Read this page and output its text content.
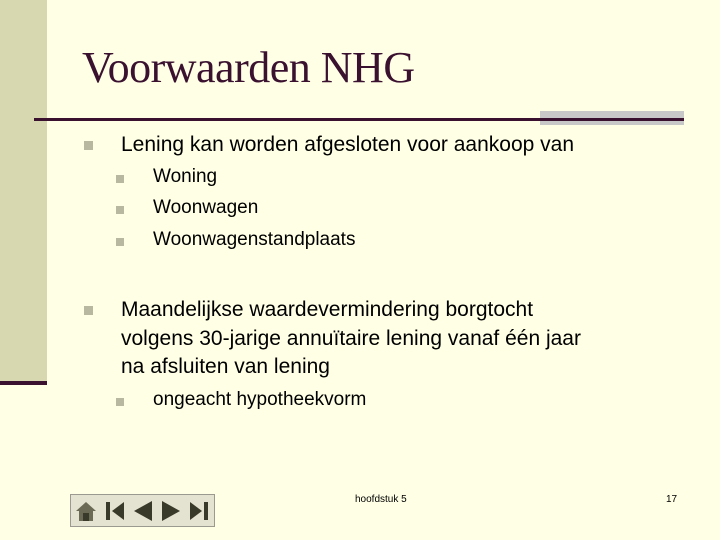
Voorwaarden NHG
Lening kan worden afgesloten voor aankoop van
Woning
Woonwagen
Woonwagenstandplaats
Maandelijkse waardevermindering borgtocht
volgens 30-jarige annuïtaire lening vanaf één jaar
na afsluiten van lening
ongeacht hypotheekvorm
hoofdstuk 5	17
